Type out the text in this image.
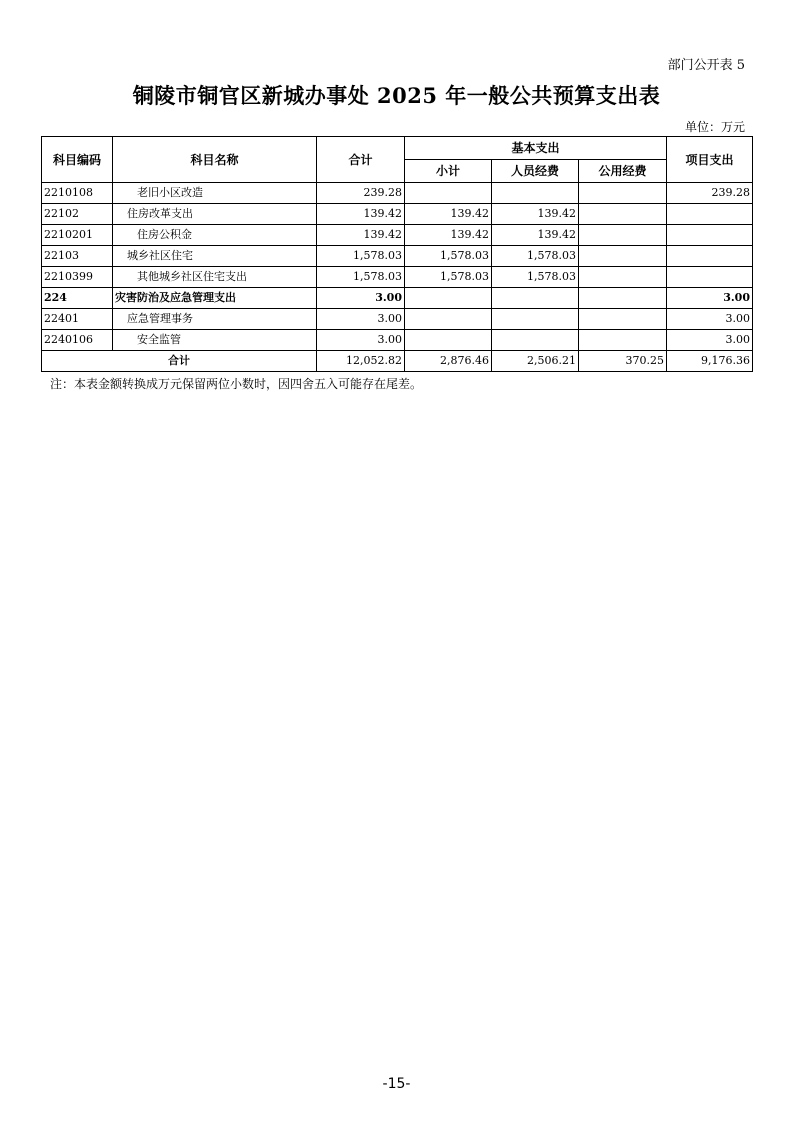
部门公开表 5
铜陵市铜官区新城办事处 2025 年一般公共预算支出表
单位：万元
科目编码	科目名称	合计	基本支出			项目支出
			小计	人员经费	公用经费	
2210108	老旧小区改造	239.28				239.28
22102	住房改革支出	139.42	139.42	139.42		
2210201	住房公积金	139.42	139.42	139.42		
22103	城乡社区住宅	1,578.03	1,578.03	1,578.03		
2210399	其他城乡社区住宅支出	1,578.03	1,578.03	1,578.03		
224	灾害防治及应急管理支出	3.00				3.00
22401	应急管理事务	3.00				3.00
2240106	安全监管	3.00				3.00
合计		12,052.82	2,876.46	2,506.21	370.25	9,176.36
注：本表金额转换成万元保留两位小数时，因四舍五入可能存在尾差。
-15-
